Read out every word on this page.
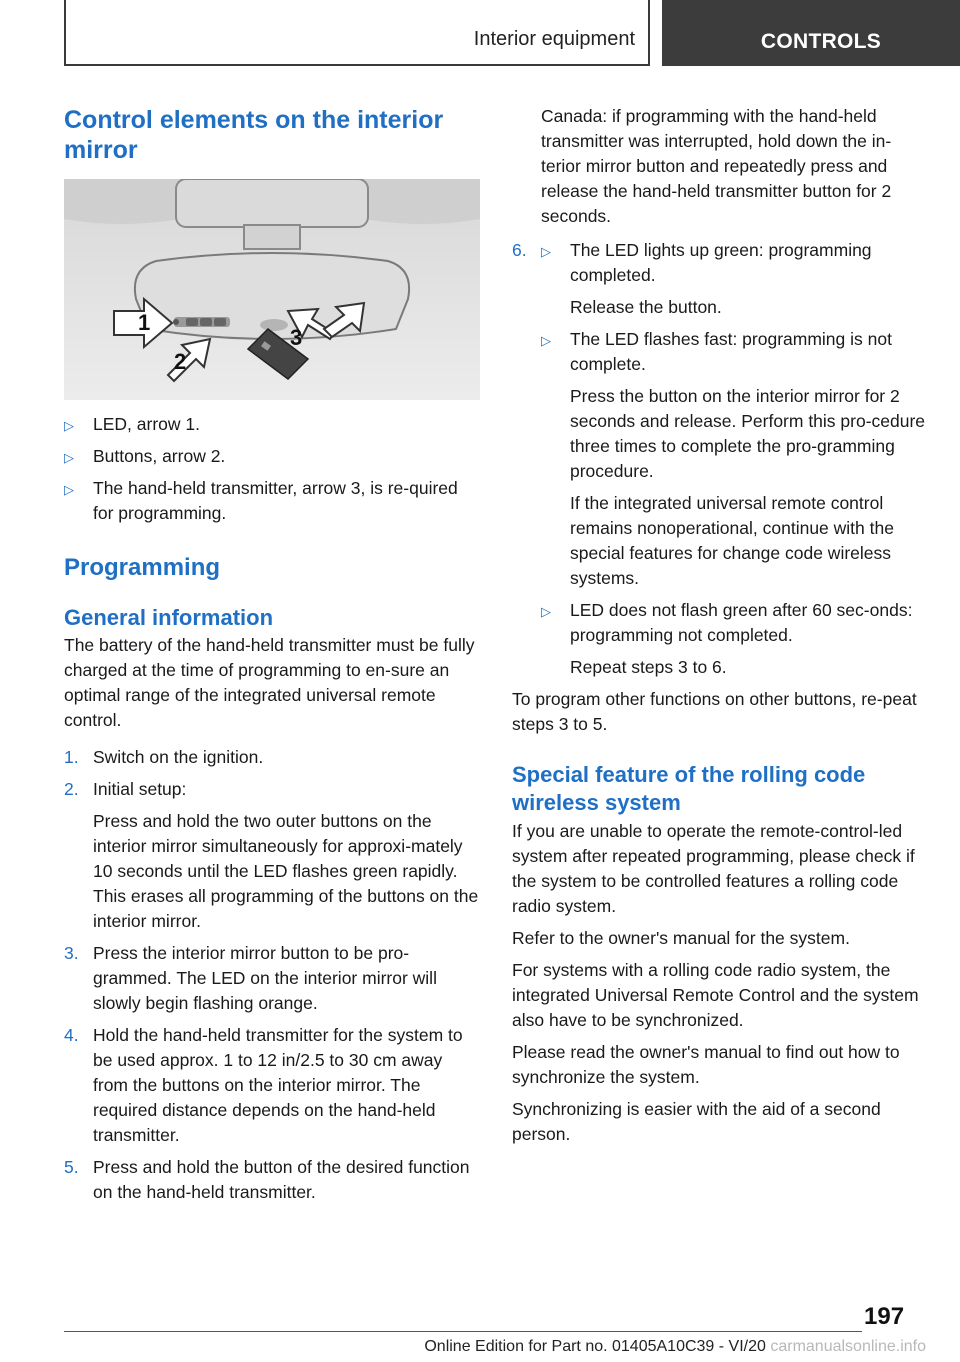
Interior equipment	CONTROLS
Control elements on the interior mirror
1
2
3
▷ LED, arrow 1.
▷ Buttons, arrow 2.
▷ The hand-held transmitter, arrow 3, is re-quired for programming.
Programming
General information

The battery of the hand-held transmitter must be fully charged at the time of programming to en-sure an optimal range of the integrated universal remote control.

1. Switch on the ignition.
2. Initial setup:
Press and hold the two outer buttons on the interior mirror simultaneously for approxi-mately 10 seconds until the LED flashes green rapidly. This erases all programming of the buttons on the interior mirror.
3. Press the interior mirror button to be pro-grammed. The LED on the interior mirror will slowly begin flashing orange.
4. Hold the hand-held transmitter for the system to be used approx. 1 to 12 in/2.5 to 30 cm away from the buttons on the interior mirror. The required distance depends on the hand-held transmitter.
5. Press and hold the button of the desired function on the hand-held transmitter.
Canada: if programming with the hand-held transmitter was interrupted, hold down the in-terior mirror button and repeatedly press and release the hand-held transmitter button for 2 seconds.
6. ▷ The LED lights up green: programming completed.
Release the button.
▷ The LED flashes fast: programming is not complete.
Press the button on the interior mirror for 2 seconds and release. Perform this pro-cedure three times to complete the pro-gramming procedure.
If the integrated universal remote control remains nonoperational, continue with the special features for change code wireless systems.
▷ LED does not flash green after 60 sec-onds: programming not completed.
Repeat steps 3 to 6.

To program other functions on other buttons, re-peat steps 3 to 5.

Special feature of the rolling code wireless system

If you are unable to operate the remote-control-led system after repeated programming, please check if the system to be controlled features a rolling code radio system.

Refer to the owner's manual for the system.

For systems with a rolling code radio system, the integrated Universal Remote Control and the system also have to be synchronized.

Please read the owner's manual to find out how to synchronize the system.

Synchronizing is easier with the aid of a second person.

197
Online Edition for Part no. 01405A10C39 - VI/20 carmanualsonline.info
